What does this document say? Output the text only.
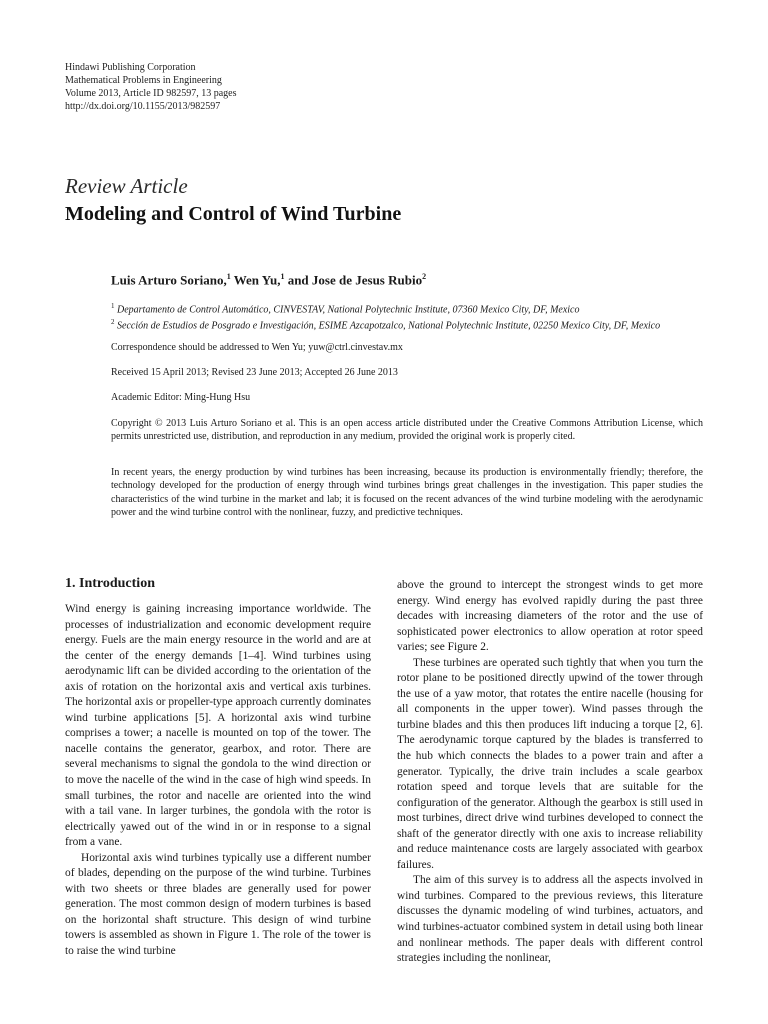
Hindawi Publishing Corporation
Mathematical Problems in Engineering
Volume 2013, Article ID 982597, 13 pages
http://dx.doi.org/10.1155/2013/982597
Review Article
Modeling and Control of Wind Turbine
Luis Arturo Soriano,$^1$ Wen Yu,$^1$ and Jose de Jesus Rubio$^2$
$^1$ Departamento de Control Automático, CINVESTAV, National Polytechnic Institute, 07360 Mexico City, DF, Mexico
$^2$ Sección de Estudios de Posgrado e Investigación, ESIME Azcapotzalco, National Polytechnic Institute, 02250 Mexico City, DF, Mexico
Correspondence should be addressed to Wen Yu; yuw@ctrl.cinvestav.mx
Received 15 April 2013; Revised 23 June 2013; Accepted 26 June 2013
Academic Editor: Ming-Hung Hsu
Copyright © 2013 Luis Arturo Soriano et al. This is an open access article distributed under the Creative Commons Attribution License, which permits unrestricted use, distribution, and reproduction in any medium, provided the original work is properly cited.
In recent years, the energy production by wind turbines has been increasing, because its production is environmentally friendly; therefore, the technology developed for the production of energy through wind turbines brings great challenges in the investigation. This paper studies the characteristics of the wind turbine in the market and lab; it is focused on the recent advances of the wind turbine modeling with the aerodynamic power and the wind turbine control with the nonlinear, fuzzy, and predictive techniques.
1. Introduction

Wind energy is gaining increasing importance worldwide. The processes of industrialization and economic development require energy. Fuels are the main energy resource in the world and are at the center of the energy demands [1–4]. Wind turbines using aerodynamic lift can be divided according to the orientation of the axis of rotation on the horizontal axis and vertical axis turbines. The horizontal axis or propeller-type approach currently dominates wind turbine applications [5]. A horizontal axis wind turbine comprises a tower; a nacelle is mounted on top of the tower. The nacelle contains the generator, gearbox, and rotor. There are several mechanisms to signal the gondola to the wind direction or to move the nacelle of the wind in the case of high wind speeds. In small turbines, the rotor and nacelle are oriented into the wind with a tail vane. In larger turbines, the gondola with the rotor is electrically yawed out of the wind in or in response to a signal from a vane.

Horizontal axis wind turbines typically use a different number of blades, depending on the purpose of the wind turbine. Turbines with two sheets or three blades are generally used for power generation. The most common design of modern turbines is based on the horizontal shaft structure. This design of wind turbine towers is assembled as shown in Figure 1. The role of the tower is to raise the wind turbine

above the ground to intercept the strongest winds to get more energy. Wind energy has evolved rapidly during the past three decades with increasing diameters of the rotor and the use of sophisticated power electronics to allow operation at rotor speed varies; see Figure 2.

These turbines are operated such tightly that when you turn the rotor plane to be positioned directly upwind of the tower through the use of a yaw motor, that rotates the entire nacelle (housing for all components in the upper tower). Wind passes through the turbine blades and this then produces lift inducing a torque [2, 6]. The aerodynamic torque captured by the blades is transferred to the hub which connects the blades to a power train and after a generator. Typically, the drive train includes a scale gearbox rotation speed and torque levels that are suitable for the configuration of the generator. Although the gearbox is still used in most turbines, direct drive wind turbines developed to connect the shaft of the generator directly with one axis to increase reliability and reduce maintenance costs are largely associated with gearbox failures.

The aim of this survey is to address all the aspects involved in wind turbines. Compared to the previous reviews, this literature discusses the dynamic modeling of wind turbines, actuators, and wind turbines-actuator combined system in detail using both linear and nonlinear methods. The paper deals with different control strategies including the nonlinear,
